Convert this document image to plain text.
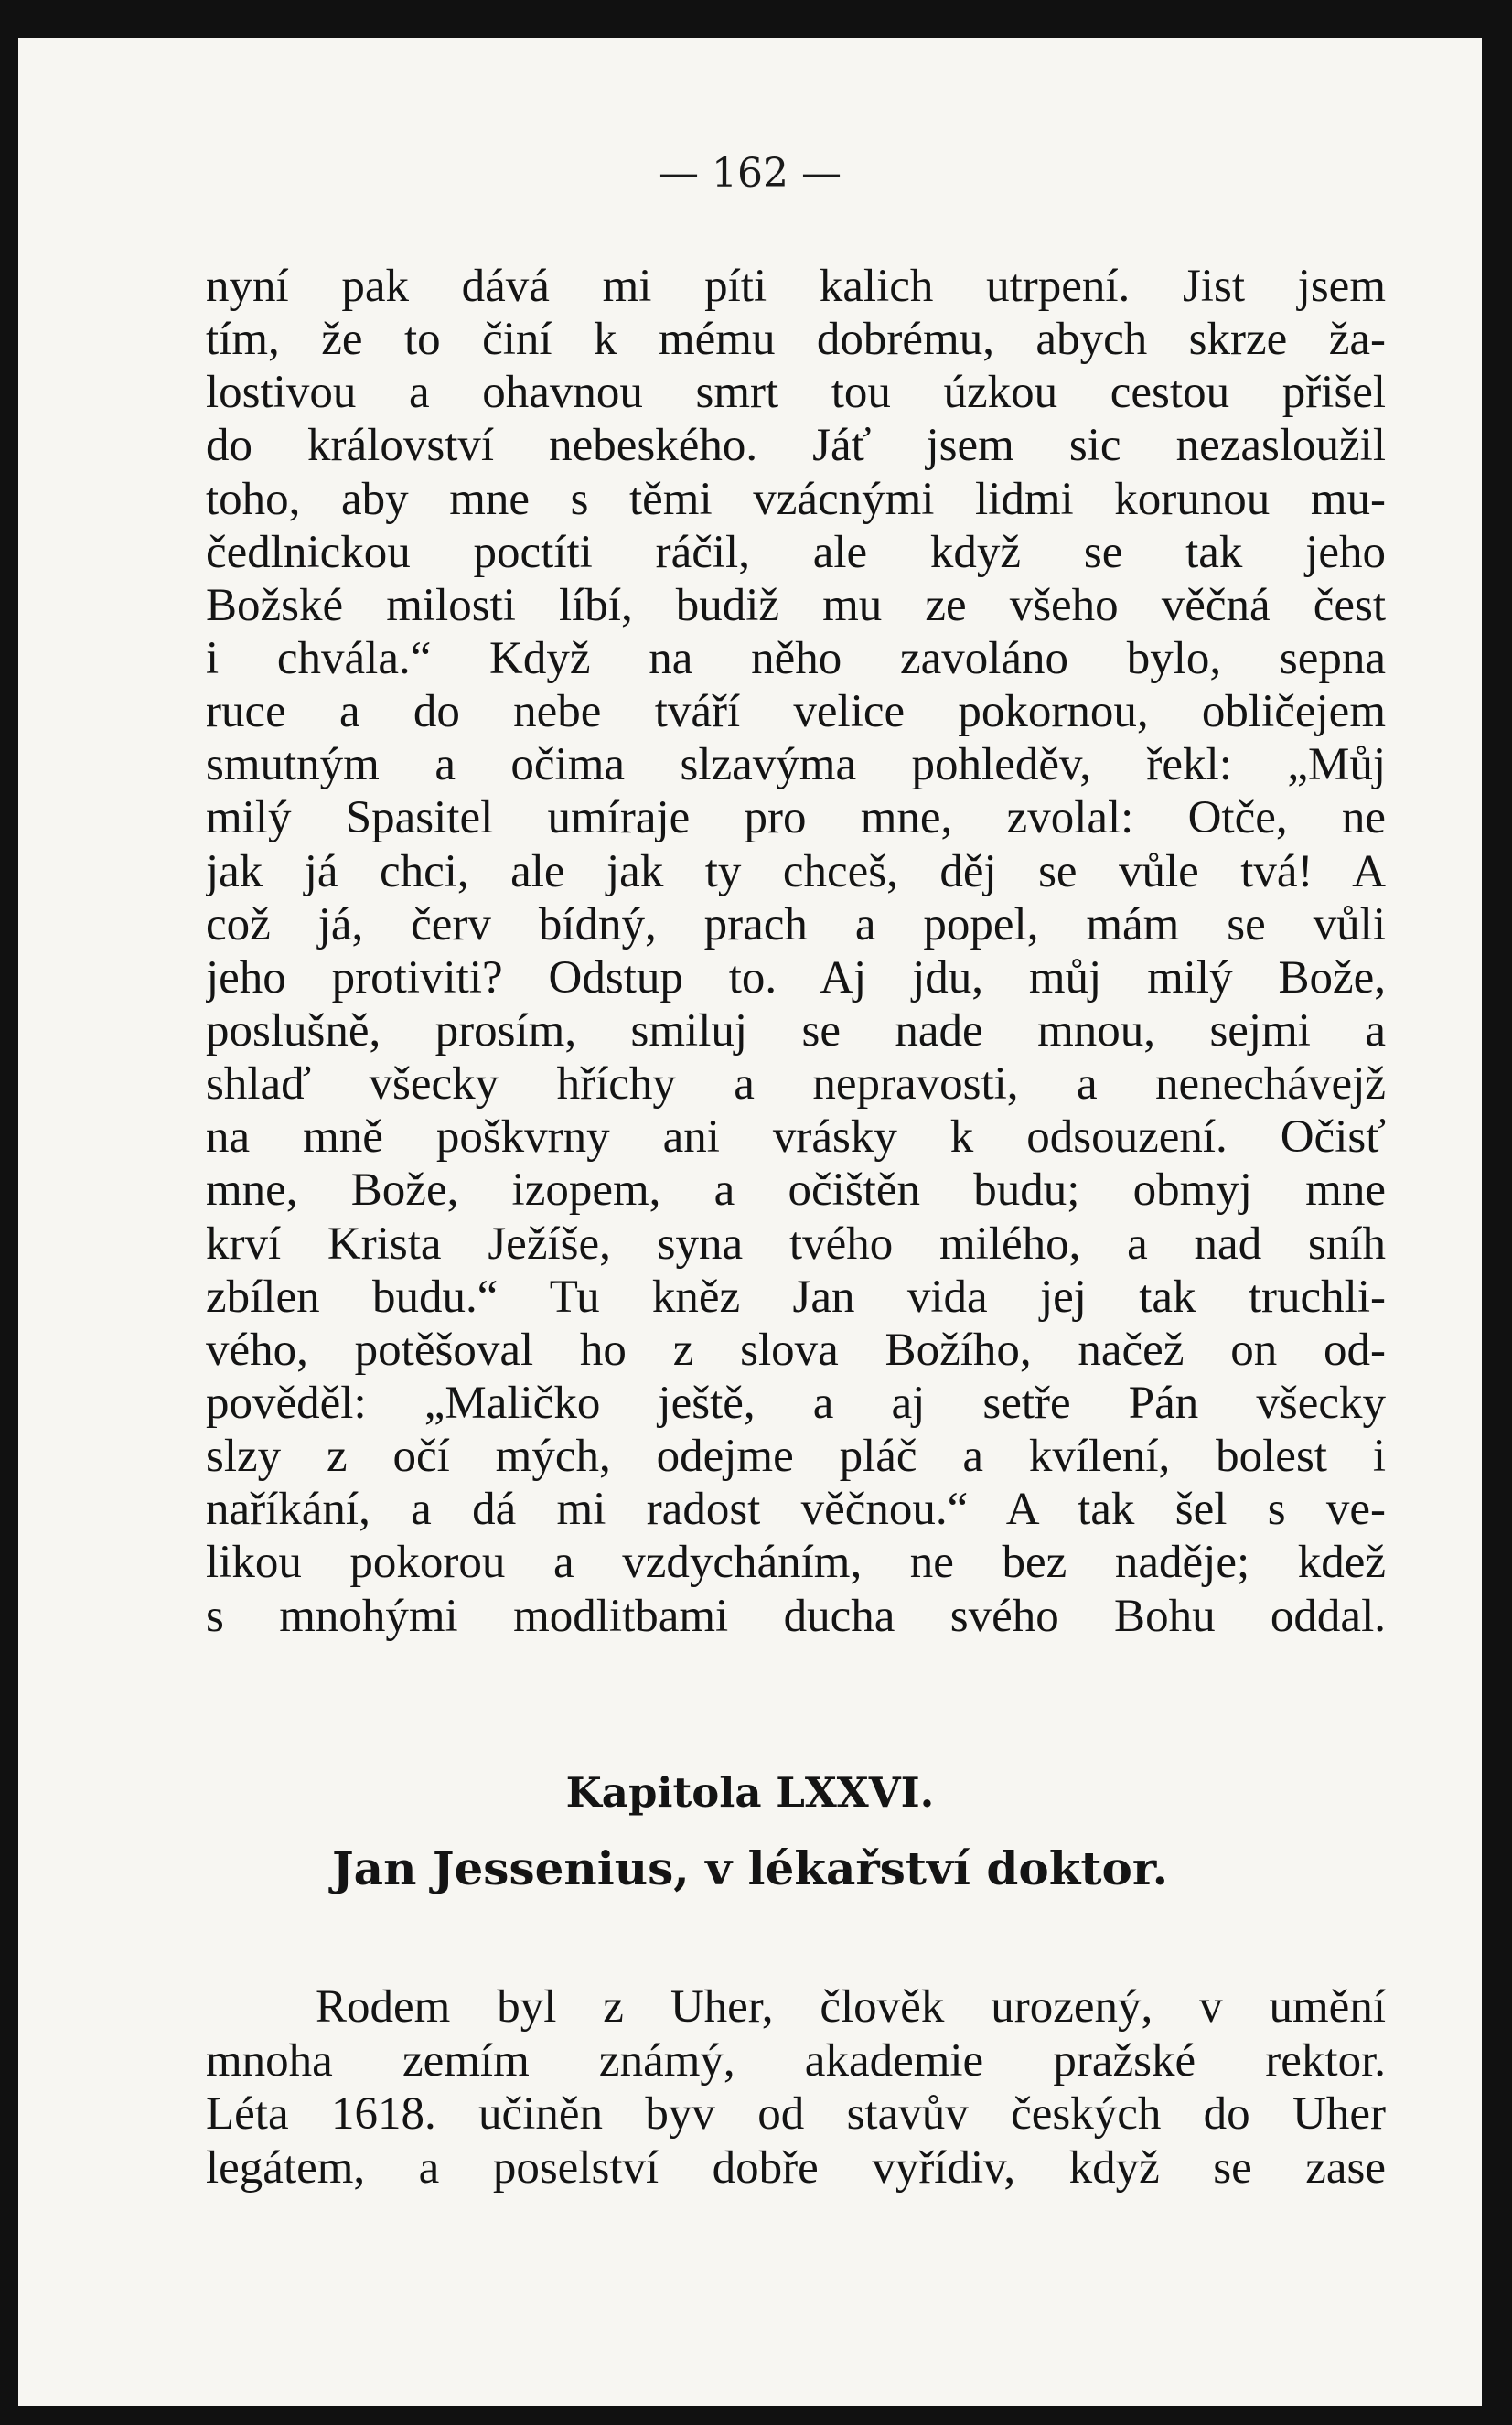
— 162 —
nyní pak dává mi píti kalich utrpení. Jist jsem
tím, že to činí k mému dobrému, abych skrze ža-
lostivou a ohavnou smrt tou úzkou cestou přišel
do království nebeského. Jáť jsem sic nezasloužil
toho, aby mne s těmi vzácnými lidmi korunou mu-
čedlnickou poctíti ráčil, ale když se tak jeho
Božské milosti líbí, budiž mu ze všeho věčná čest
i chvála.“ Když na něho zavoláno bylo, sepna
ruce a do nebe tváří velice pokornou, obličejem
smutným a očima slzavýma pohleděv, řekl: „Můj
milý Spasitel umíraje pro mne, zvolal: Otče, ne
jak já chci, ale jak ty chceš, děj se vůle tvá! A
což já, červ bídný, prach a popel, mám se vůli
jeho protiviti? Odstup to. Aj jdu, můj milý Bože,
poslušně, prosím, smiluj se nade mnou, sejmi a
shlaď všecky hříchy a nepravosti, a nenechávejž
na mně poškvrny ani vrásky k odsouzení. Očisť
mne, Bože, izopem, a očištěn budu; obmyj mne
krví Krista Ježíše, syna tvého milého, a nad sníh
zbílen budu.“ Tu kněz Jan vida jej tak truchli-
vého, potěšoval ho z slova Božího, načež on od-
pověděl: „Maličko ještě, a aj setře Pán všecky
slzy z očí mých, odejme pláč a kvílení, bolest i
naříkání, a dá mi radost věčnou.“ A tak šel s ve-
likou pokorou a vzdycháním, ne bez naděje; kdež
s mnohými modlitbami ducha svého Bohu oddal.
Kapitola LXXVI.
Jan Jessenius, v lékařství doktor.
Rodem byl z Uher, člověk urozený, v umění
mnoha zemím známý, akademie pražské rektor.
Léta 1618. učiněn byv od stavův českých do Uher
legátem, a poselství dobře vyřídiv, když se zase
